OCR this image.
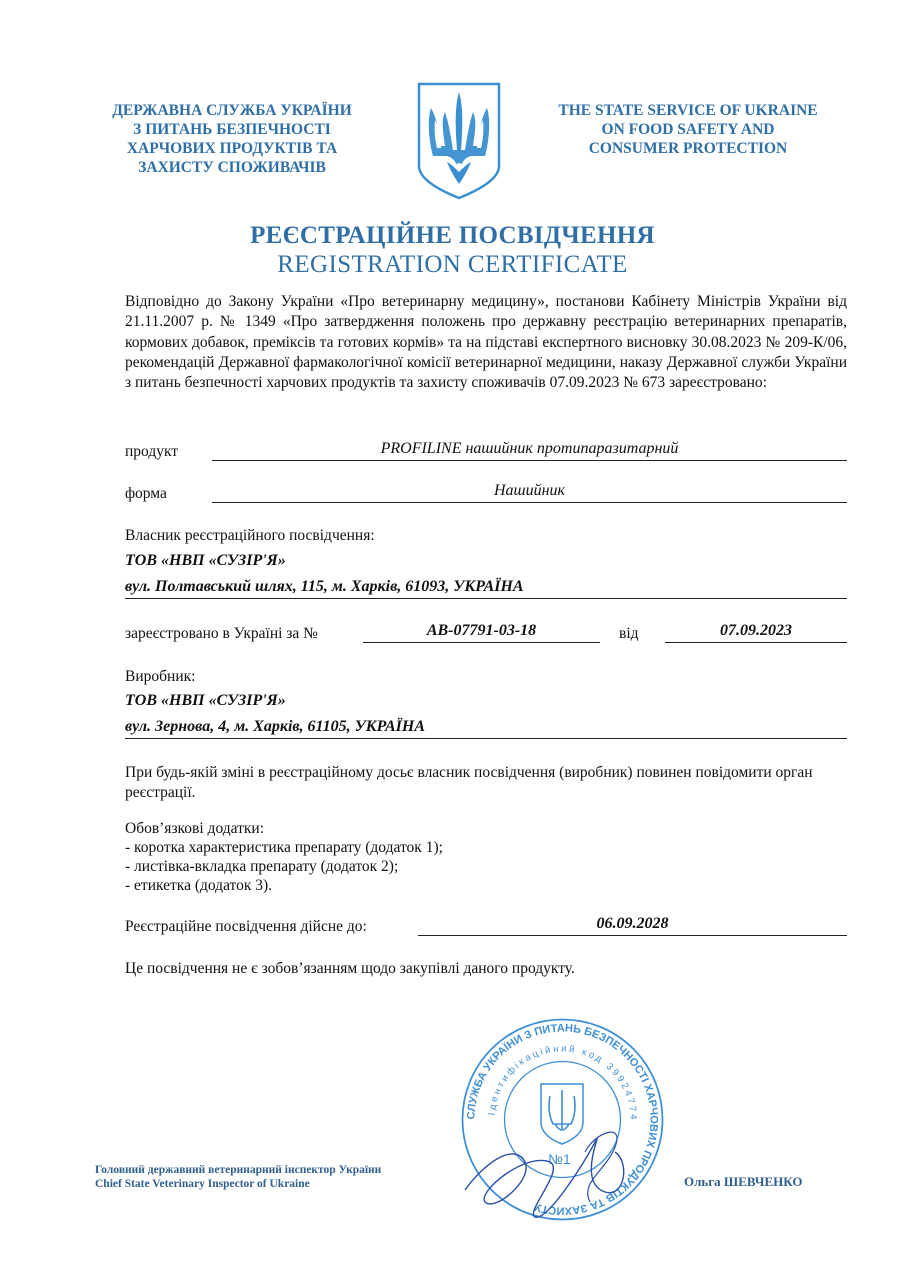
ДЕРЖАВНА СЛУЖБА УКРАЇНИ
З ПИТАНЬ БЕЗПЕЧНОСТІ
ХАРЧОВИХ ПРОДУКТІВ ТА
ЗАХИСТУ СПОЖИВАЧІВ
THE STATE SERVICE OF UKRAINE
ON FOOD SAFETY AND
CONSUMER PROTECTION
РЕЄСТРАЦІЙНЕ ПОСВІДЧЕННЯ
REGISTRATION CERTIFICATE
Відповідно до Закону України «Про ветеринарну медицину», постанови Кабінету Міністрів України від 21.11.2007 р. № 1349 «Про затвердження положень про державну реєстрацію ветеринарних препаратів, кормових добавок, преміксів та готових кормів» та на підставі експертного висновку 30.08.2023 № 209-К/06, рекомендацій Державної фармакологічної комісії ветеринарної медицини, наказу Державної служби України з питань безпечності харчових продуктів та захисту споживачів 07.09.2023 № 673 зареєстровано:
продукт	PROFILINE нашийник протипаразитарний
форма	Нашийник
Власник реєстраційного посвідчення:
ТОВ «НВП «СУЗІР'Я»
вул. Полтавський шлях, 115, м. Харків, 61093, УКРАЇНА
зареєстровано в Україні за №	АВ-07791-03-18	від	07.09.2023
Виробник:
ТОВ «НВП «СУЗІР'Я»
вул. Зернова, 4, м. Харків, 61105, УКРАЇНА
При будь-якій зміні в реєстраційному досьє власник посвідчення (виробник) повинен повідомити орган реєстрації.
Обов’язкові додатки:
- коротка характеристика препарату (додаток 1);
- листівка-вкладка препарату (додаток 2);
- етикетка (додаток 3).
Реєстраційне посвідчення дійсне до:	06.09.2028
Це посвідчення не є зобов’язанням щодо закупівлі даного продукту.
СЛУЖБА УКРАЇНИ З ПИТАНЬ БЕЗПЕЧНОСТІ ХАРЧОВИХ ПРОДУКТІВ ТА ЗАХИСТУ
Ідентифікаційний код 39924774
№1
Головний державний ветеринарний інспектор України
Chief State Veterinary Inspector of Ukraine	Ольга ШЕВЧЕНКО
